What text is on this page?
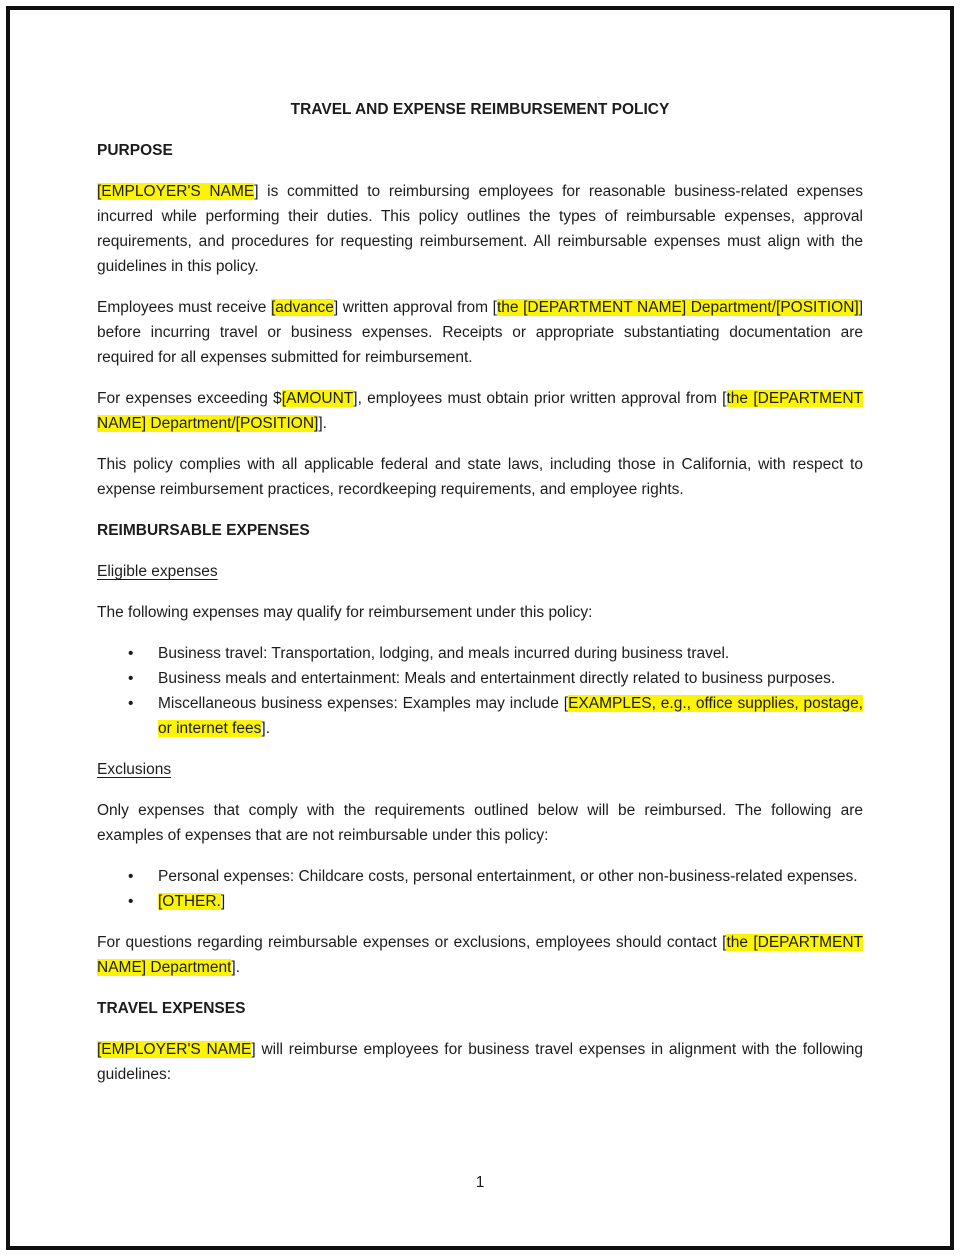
TRAVEL AND EXPENSE REIMBURSEMENT POLICY
PURPOSE
[EMPLOYER'S NAME] is committed to reimbursing employees for reasonable business-related expenses incurred while performing their duties. This policy outlines the types of reimbursable expenses, approval requirements, and procedures for requesting reimbursement. All reimbursable expenses must align with the guidelines in this policy.
Employees must receive [advance] written approval from [the [DEPARTMENT NAME] Department/[POSITION]] before incurring travel or business expenses. Receipts or appropriate substantiating documentation are required for all expenses submitted for reimbursement.
For expenses exceeding $[AMOUNT], employees must obtain prior written approval from [the [DEPARTMENT NAME] Department/[POSITION]].
This policy complies with all applicable federal and state laws, including those in California, with respect to expense reimbursement practices, recordkeeping requirements, and employee rights.
REIMBURSABLE EXPENSES
Eligible expenses
The following expenses may qualify for reimbursement under this policy:
• Business travel: Transportation, lodging, and meals incurred during business travel.
• Business meals and entertainment: Meals and entertainment directly related to business purposes.
• Miscellaneous business expenses: Examples may include [EXAMPLES, e.g., office supplies, postage, or internet fees].
Exclusions
Only expenses that comply with the requirements outlined below will be reimbursed. The following are examples of expenses that are not reimbursable under this policy:
• Personal expenses: Childcare costs, personal entertainment, or other non-business-related expenses.
• [OTHER.]
For questions regarding reimbursable expenses or exclusions, employees should contact [the [DEPARTMENT NAME] Department].
TRAVEL EXPENSES
[EMPLOYER'S NAME] will reimburse employees for business travel expenses in alignment with the following guidelines:
1
